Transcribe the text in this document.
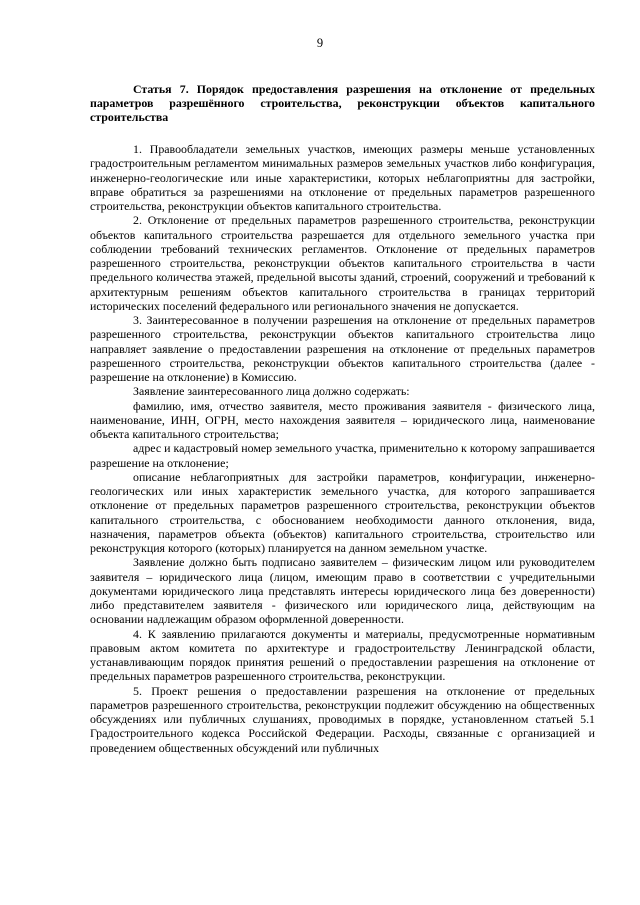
9

Статья 7. Порядок предоставления разрешения на отклонение от предельных параметров разрешённого строительства, реконструкции объектов капитального строительства

1. Правообладатели земельных участков, имеющих размеры меньше установленных градостроительным регламентом минимальных размеров земельных участков либо конфигурация, инженерно-геологические или иные характеристики, которых неблагоприятны для застройки, вправе обратиться за разрешениями на отклонение от предельных параметров разрешенного строительства, реконструкции объектов капитального строительства.

2. Отклонение от предельных параметров разрешенного строительства, реконструкции объектов капитального строительства разрешается для отдельного земельного участка при соблюдении требований технических регламентов. Отклонение от предельных параметров разрешенного строительства, реконструкции объектов капитального строительства в части предельного количества этажей, предельной высоты зданий, строений, сооружений и требований к архитектурным решениям объектов капитального строительства в границах территорий исторических поселений федерального или регионального значения не допускается.

3. Заинтересованное в получении разрешения на отклонение от предельных параметров разрешенного строительства, реконструкции объектов капитального строительства лицо направляет заявление о предоставлении разрешения на отклонение от предельных параметров разрешенного строительства, реконструкции объектов капитального строительства (далее - разрешение на отклонение) в Комиссию.

Заявление заинтересованного лица должно содержать:

фамилию, имя, отчество заявителя, место проживания заявителя - физического лица, наименование, ИНН, ОГРН, место нахождения заявителя – юридического лица, наименование объекта капитального строительства;

адрес и кадастровый номер земельного участка, применительно к которому запрашивается разрешение на отклонение;

описание неблагоприятных для застройки параметров, конфигурации, инженерно-геологических или иных характеристик земельного участка, для которого запрашивается отклонение от предельных параметров разрешенного строительства, реконструкции объектов капитального строительства, с обоснованием необходимости данного отклонения, вида, назначения, параметров объекта (объектов) капитального строительства, строительство или реконструкция которого (которых) планируется на данном земельном участке.

Заявление должно быть подписано заявителем – физическим лицом или руководителем заявителя – юридического лица (лицом, имеющим право в соответствии с учредительными документами юридического лица представлять интересы юридического лица без доверенности) либо представителем заявителя - физического или юридического лица, действующим на основании надлежащим образом оформленной доверенности.

4. К заявлению прилагаются документы и материалы, предусмотренные нормативным правовым актом комитета по архитектуре и градостроительству Ленинградской области, устанавливающим порядок принятия решений о предоставлении разрешения на отклонение от предельных параметров разрешенного строительства, реконструкции.

5. Проект решения о предоставлении разрешения на отклонение от предельных параметров разрешенного строительства, реконструкции подлежит обсуждению на общественных обсуждениях или публичных слушаниях, проводимых в порядке, установленном статьей 5.1 Градостроительного кодекса Российской Федерации. Расходы, связанные с организацией и проведением общественных обсуждений или публичных
